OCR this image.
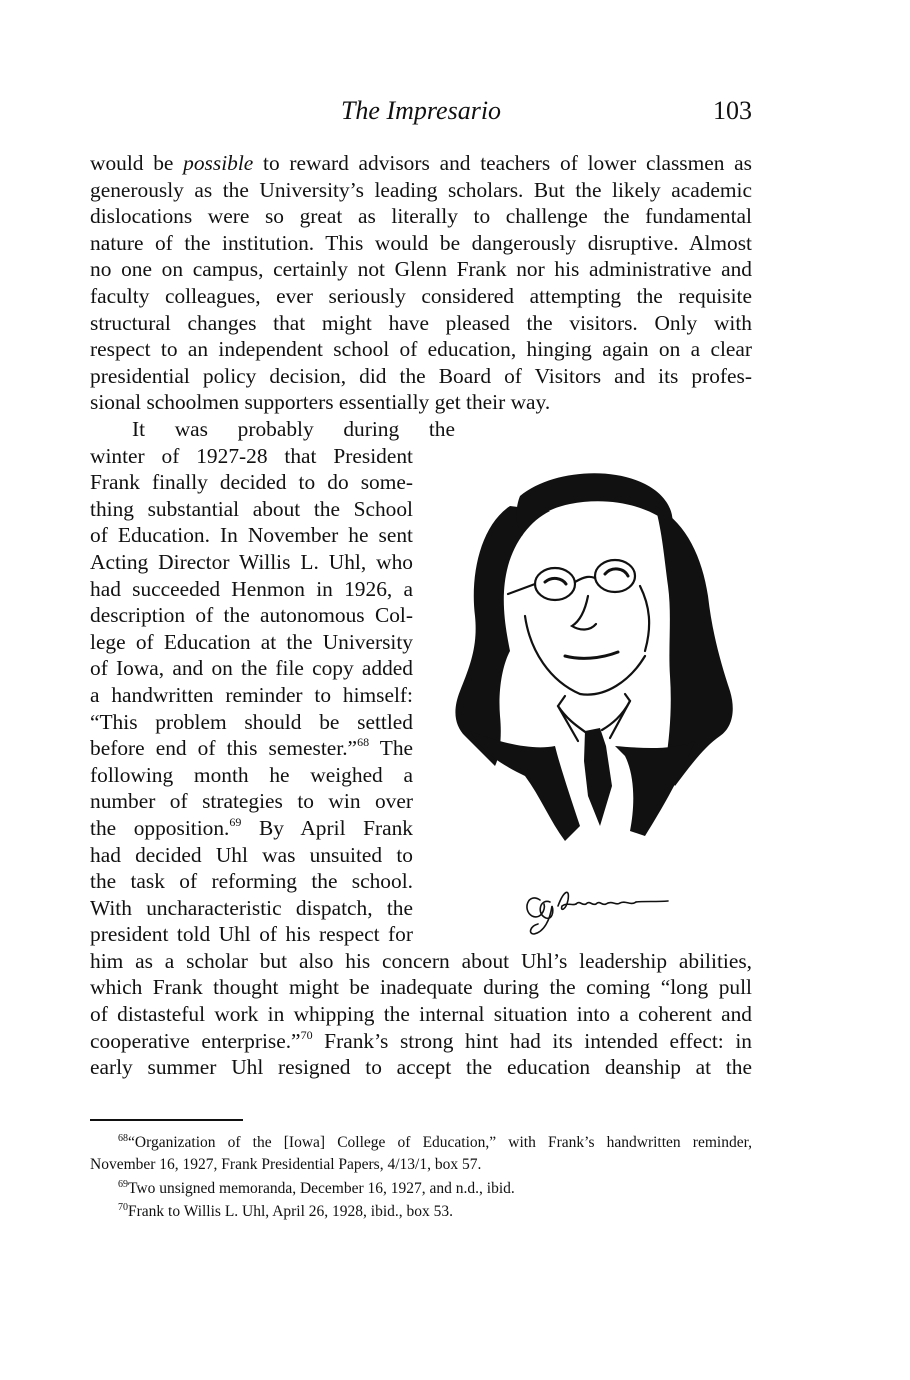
The Impresario	103
would be possible to reward advisors and teachers of lower classmen as
generously as the University’s leading scholars. But the likely academic
dislocations were so great as literally to challenge the fundamental
nature of the institution. This would be dangerously disruptive. Almost
no one on campus, certainly not Glenn Frank nor his administrative and
faculty colleagues, ever seriously considered attempting the requisite
structural changes that might have pleased the visitors. Only with
respect to an independent school of education, hinging again on a clear
presidential policy decision, did the Board of Visitors and its profes-
sional schoolmen supporters essentially get their way.
It was probably during the
winter of 1927-28 that President
Frank finally decided to do some-
thing substantial about the School
of Education. In November he sent
Acting Director Willis L. Uhl, who
had succeeded Henmon in 1926, a
description of the autonomous Col-
lege of Education at the University
of Iowa, and on the file copy added
a handwritten reminder to himself:
“This problem should be settled
before end of this semester.”$^{68}$ The
following month he weighed a
number of strategies to win over
the opposition.$^{69}$ By April Frank
had decided Uhl was unsuited to
the task of reforming the school.
With uncharacteristic dispatch, the
president told Uhl of his respect for
him as a scholar but also his concern about Uhl’s leadership abilities,
which Frank thought might be inadequate during the coming “long pull
of distasteful work in whipping the internal situation into a coherent and
cooperative enterprise.”$^{70}$ Frank’s strong hint had its intended effect: in
early summer Uhl resigned to accept the education deanship at the
$^{68}$“Organization of the [Iowa] College of Education,” with Frank’s handwritten reminder,
November 16, 1927, Frank Presidential Papers, 4/13/1, box 57.
$^{69}$Two unsigned memoranda, December 16, 1927, and n.d., ibid.
$^{70}$Frank to Willis L. Uhl, April 26, 1928, ibid., box 53.
